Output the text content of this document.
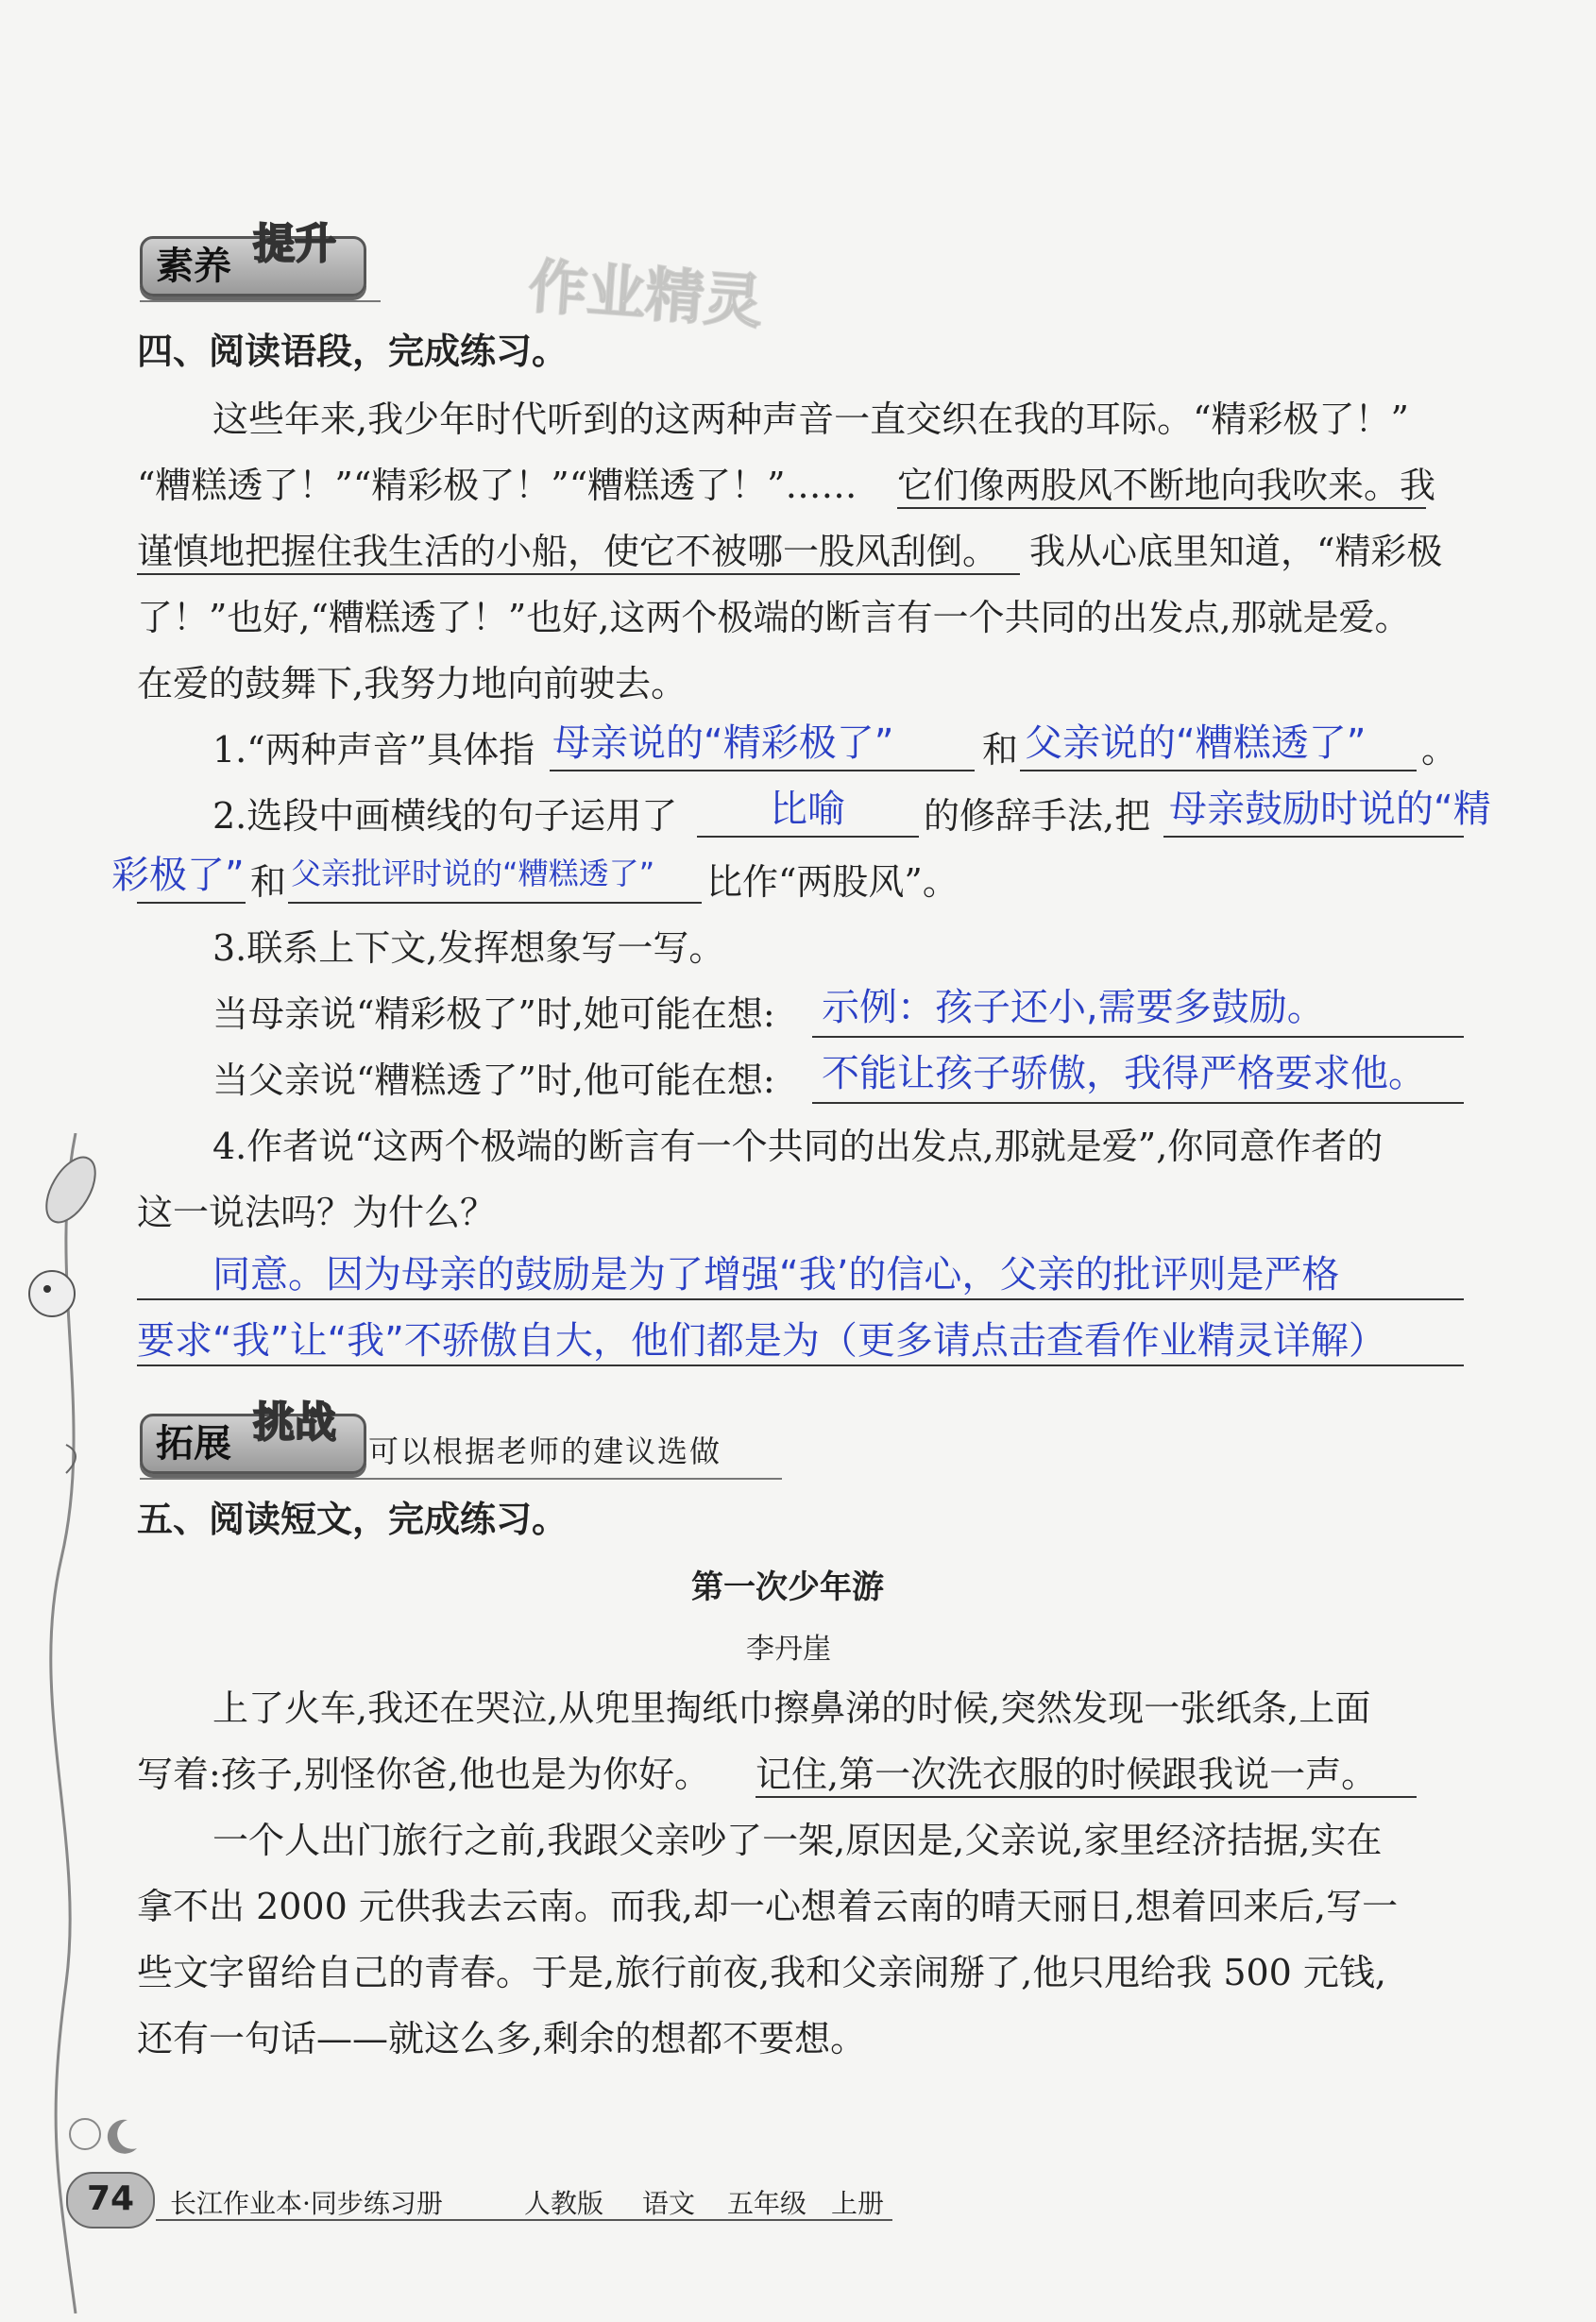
素养 提升
作业精灵
四、阅读语段，完成练习。
这些年来,我少年时代听到的这两种声音一直交织在我的耳际。“精彩极了！”
“糟糕透了！”“精彩极了！”“糟糕透了！”…… 它们像两股风不断地向我吹来。我
谨慎地把握住我生活的小船，使它不被哪一股风刮倒。 我从心底里知道，“精彩极
了！”也好,“糟糕透了！”也好,这两个极端的断言有一个共同的出发点,那就是爱。
在爱的鼓舞下,我努力地向前驶去。
1.“两种声音”具体指 母亲说的“精彩极了” 和 父亲说的“糟糕透了” 。
2.选段中画横线的句子运用了 比喻 的修辞手法,把 母亲鼓励时说的“精
彩极了” 和 父亲批评时说的“糟糕透了” 比作“两股风”。
3.联系上下文,发挥想象写一写。
当母亲说“精彩极了”时,她可能在想: 示例：孩子还小,需要多鼓励。
当父亲说“糟糕透了”时,他可能在想: 不能让孩子骄傲，我得严格要求他。
4.作者说“这两个极端的断言有一个共同的出发点,那就是爱”,你同意作者的
这一说法吗？为什么？
同意。因为母亲的鼓励是为了增强“我’的信心，父亲的批评则是严格
要求“我”让“我”不骄傲自大，他们都是为（更多请点击查看作业精灵详解）
拓展 挑战
可以根据老师的建议选做
五、阅读短文，完成练习。
第一次少年游
李丹崖
上了火车,我还在哭泣,从兜里掏纸巾擦鼻涕的时候,突然发现一张纸条,上面
写着:孩子,别怪你爸,他也是为你好。 记住,第一次洗衣服的时候跟我说一声。
一个人出门旅行之前,我跟父亲吵了一架,原因是,父亲说,家里经济拮据,实在
拿不出 2000 元供我去云南。而我,却一心想着云南的晴天丽日,想着回来后,写一
些文字留给自己的青春。于是,旅行前夜,我和父亲闹掰了,他只甩给我 500 元钱,
还有一句话——就这么多,剩余的想都不要想。
74 长江作业本·同步练习册	人教版 语文 五年级 上册
